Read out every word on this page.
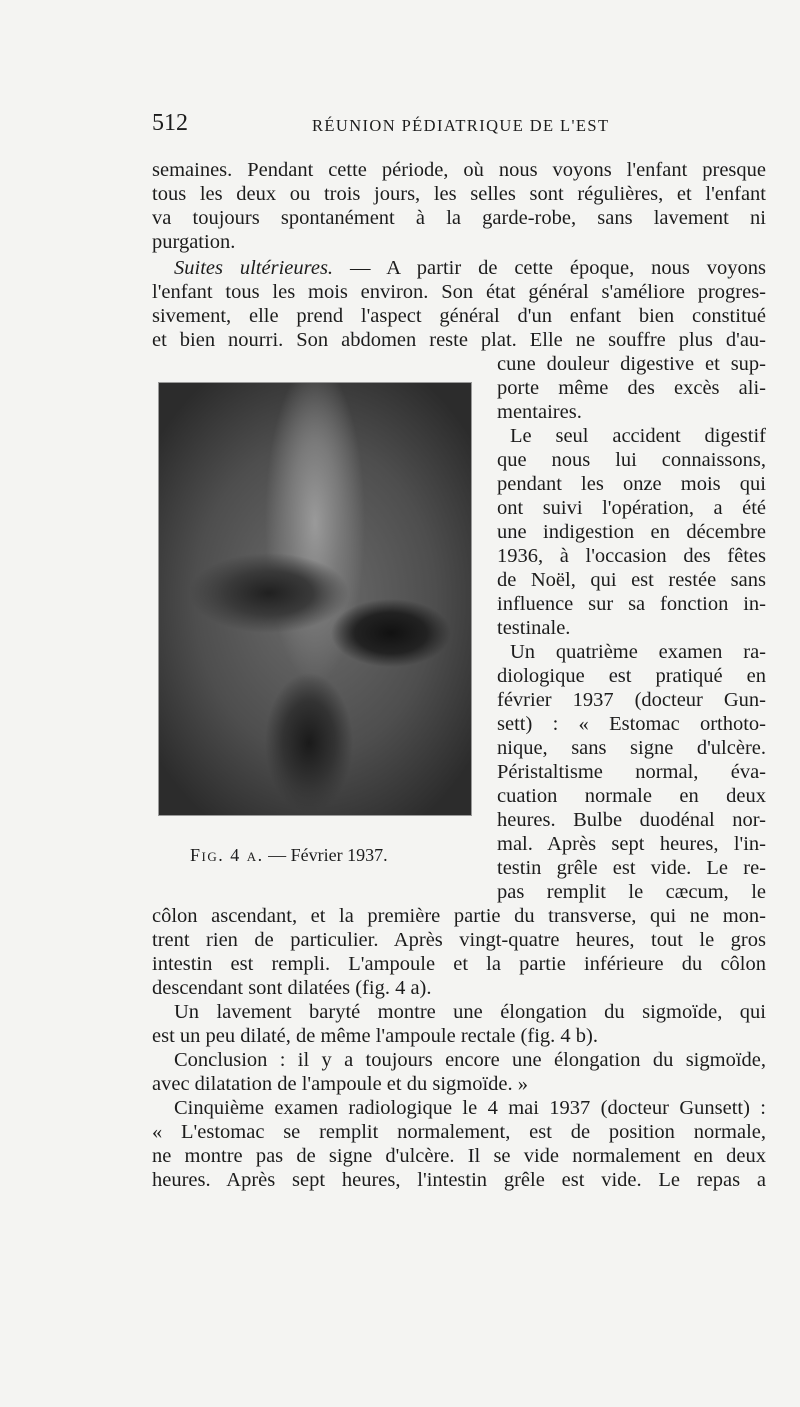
512	RÉUNION PÉDIATRIQUE DE L'EST
semaines. Pendant cette période, où nous voyons l'enfant presque
tous les deux ou trois jours, les selles sont régulières, et l'enfant
va toujours spontanément à la garde-robe, sans lavement ni
purgation.
Suites ultérieures. — A partir de cette époque, nous voyons
l'enfant tous les mois environ. Son état général s'améliore progres-
sivement, elle prend l'aspect général d'un enfant bien constitué
et bien nourri. Son abdomen reste plat. Elle ne souffre plus d'au-
Fig. 4 a. — Février 1937.
cune douleur digestive et sup-
porte même des excès ali-
mentaires.
Le seul accident digestif
que nous lui connaissons,
pendant les onze mois qui
ont suivi l'opération, a été
une indigestion en décembre
1936, à l'occasion des fêtes
de Noël, qui est restée sans
influence sur sa fonction in-
testinale.
Un quatrième examen ra-
diologique est pratiqué en
février 1937 (docteur Gun-
sett) : « Estomac orthoto-
nique, sans signe d'ulcère.
Péristaltisme normal, éva-
cuation normale en deux
heures. Bulbe duodénal nor-
mal. Après sept heures, l'in-
testin grêle est vide. Le re-
pas remplit le cæcum, le
côlon ascendant, et la première partie du transverse, qui ne mon-
trent rien de particulier. Après vingt-quatre heures, tout le gros
intestin est rempli. L'ampoule et la partie inférieure du côlon
descendant sont dilatées (fig. 4 a).
Un lavement baryté montre une élongation du sigmoïde, qui
est un peu dilaté, de même l'ampoule rectale (fig. 4 b).
Conclusion : il y a toujours encore une élongation du sigmoïde,
avec dilatation de l'ampoule et du sigmoïde. »
Cinquième examen radiologique le 4 mai 1937 (docteur Gunsett) :
« L'estomac se remplit normalement, est de position normale,
ne montre pas de signe d'ulcère. Il se vide normalement en deux
heures. Après sept heures, l'intestin grêle est vide. Le repas a
